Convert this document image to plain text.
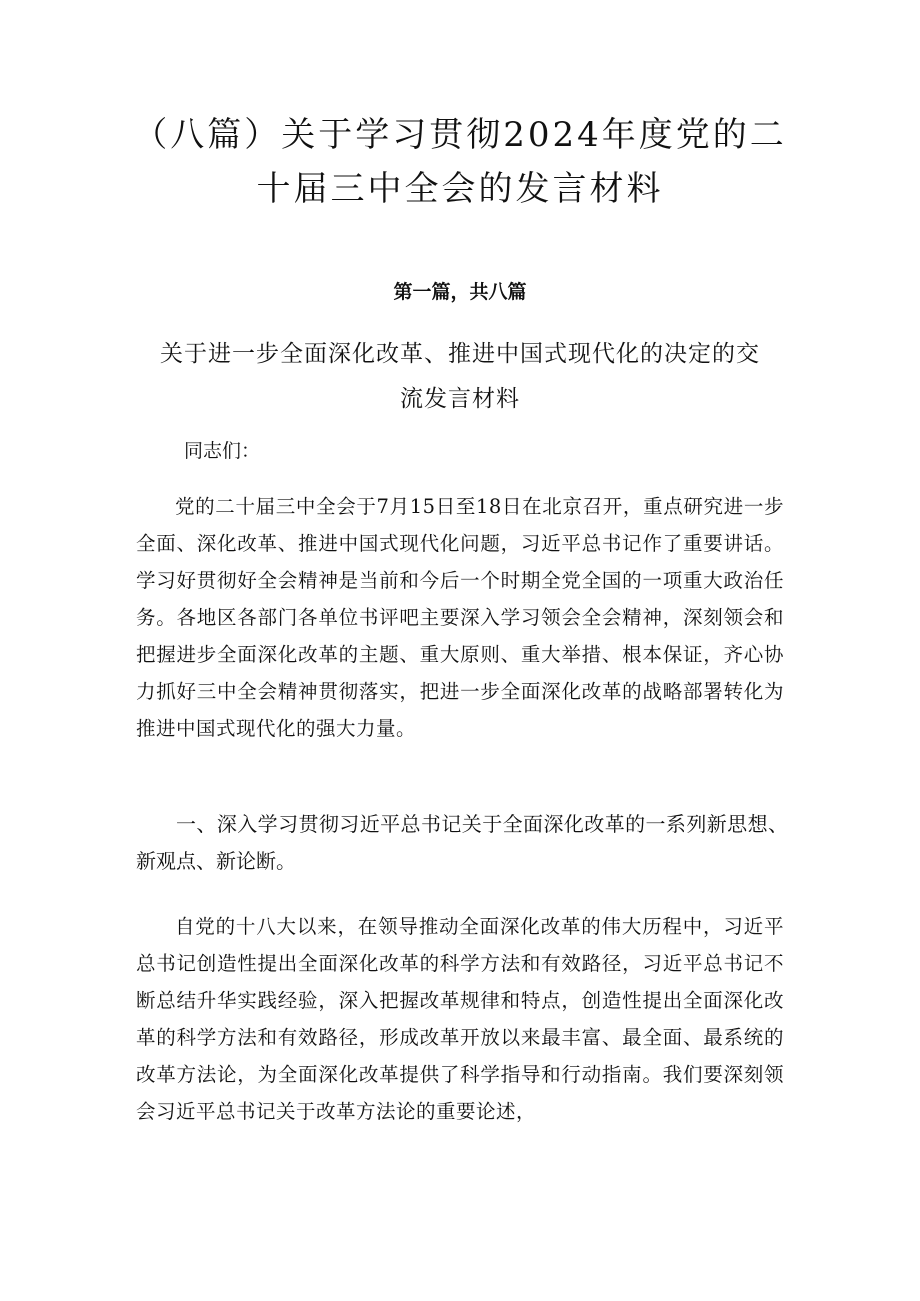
（八篇）关于学习贯彻2024年度党的二十届三中全会的发言材料
第一篇，共八篇
关于进一步全面深化改革、推进中国式现代化的决定的交流发言材料
同志们：

党的二十届三中全会于7月15日至18日在北京召开，重点研究进一步全面、深化改革、推进中国式现代化问题，习近平总书记作了重要讲话。学习好贯彻好全会精神是当前和今后一个时期全党全国的一项重大政治任务。各地区各部门各单位书评吧主要深入学习领会全会精神，深刻领会和把握进步全面深化改革的主题、重大原则、重大举措、根本保证，齐心协力抓好三中全会精神贯彻落实，把进一步全面深化改革的战略部署转化为推进中国式现代化的强大力量。

一、深入学习贯彻习近平总书记关于全面深化改革的一系列新思想、新观点、新论断。

自党的十八大以来，在领导推动全面深化改革的伟大历程中，习近平总书记创造性提出全面深化改革的科学方法和有效路径，习近平总书记不断总结升华实践经验，深入把握改革规律和特点，创造性提出全面深化改革的科学方法和有效路径，形成改革开放以来最丰富、最全面、最系统的改革方法论，为全面深化改革提供了科学指导和行动指南。我们要深刻领会习近平总书记关于改革方法论的重要论述，
